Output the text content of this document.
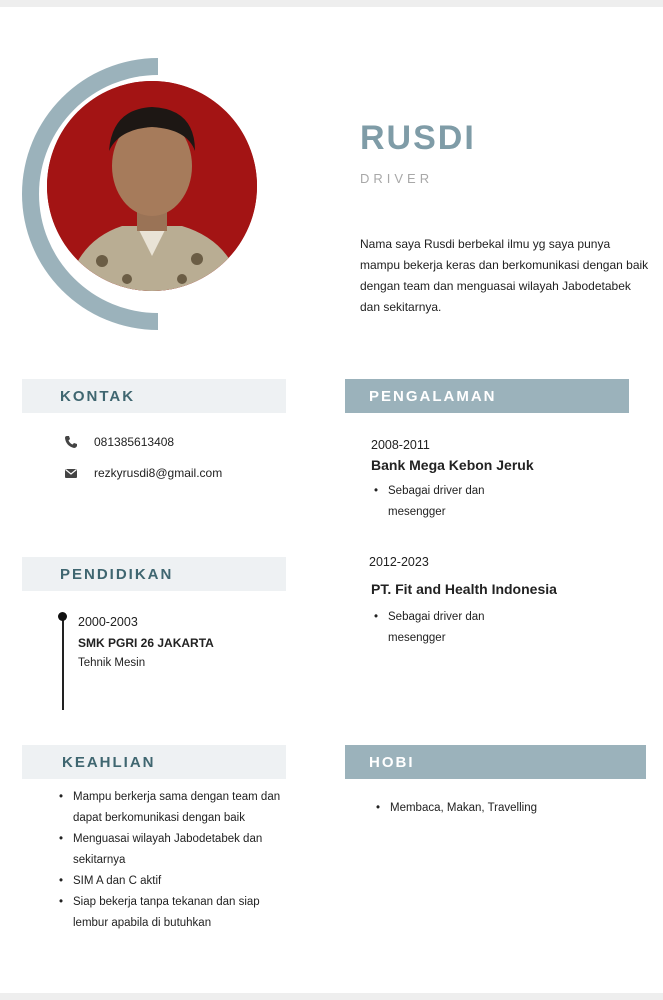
RUSDI
DRIVER
Nama saya Rusdi berbekal ilmu yg saya punya mampu bekerja keras dan berkomunikasi dengan baik dengan team dan menguasai wilayah Jabodetabek dan sekitarnya.
KONTAK
081385613408
rezkyrusdi8@gmail.com
PENGALAMAN
2008-2011
Bank Mega Kebon Jeruk
• Sebagai driver dan
mesengger
2012-2023
PT. Fit and Health Indonesia
• Sebagai driver dan
mesengger
PENDIDIKAN
2000-2003
SMK PGRI 26 JAKARTA
Tehnik Mesin
KEAHLIAN
• Mampu berkerja sama dengan team dan dapat berkomunikasi dengan baik
• Menguasai wilayah Jabodetabek dan sekitarnya
• SIM A dan C aktif
• Siap bekerja tanpa tekanan dan siap lembur apabila di butuhkan
HOBI
• Membaca, Makan, Travelling
